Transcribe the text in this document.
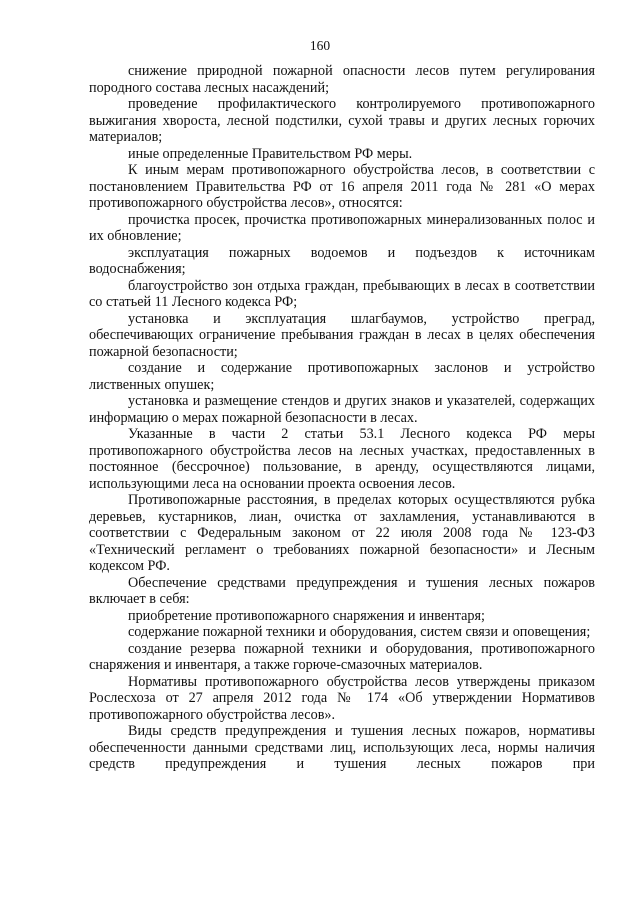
160

снижение природной пожарной опасности лесов путем регулирования породного состава лесных насаждений;

проведение профилактического контролируемого противопожарного выжигания хвороста, лесной подстилки, сухой травы и других лесных горючих материалов;

иные определенные Правительством РФ меры.

К иным мерам противопожарного обустройства лесов, в соответствии с постановлением Правительства РФ от 16 апреля 2011 года № 281 «О мерах противопожарного обустройства лесов», относятся:

прочистка просек, прочистка противопожарных минерализованных полос и их обновление;

эксплуатация пожарных водоемов и подъездов к источникам водоснабжения;

благоустройство зон отдыха граждан, пребывающих в лесах в соответствии со статьей 11 Лесного кодекса РФ;

установка и эксплуатация шлагбаумов, устройство преград, обеспечивающих ограничение пребывания граждан в лесах в целях обеспечения пожарной безопасности;

создание и содержание противопожарных заслонов и устройство лиственных опушек;

установка и размещение стендов и других знаков и указателей, содержащих информацию о мерах пожарной безопасности в лесах.

Указанные в части 2 статьи 53.1 Лесного кодекса РФ меры противопожарного обустройства лесов на лесных участках, предоставленных в постоянное (бессрочное) пользование, в аренду, осуществляются лицами, использующими леса на основании проекта освоения лесов.

Противопожарные расстояния, в пределах которых осуществляются рубка деревьев, кустарников, лиан, очистка от захламления, устанавливаются в соответствии с Федеральным законом от 22 июля 2008 года № 123-ФЗ «Технический регламент о требованиях пожарной безопасности» и Лесным кодексом РФ.

Обеспечение средствами предупреждения и тушения лесных пожаров включает в себя:

приобретение противопожарного снаряжения и инвентаря;

содержание пожарной техники и оборудования, систем связи и оповещения;

создание резерва пожарной техники и оборудования, противопожарного снаряжения и инвентаря, а также горюче-смазочных материалов.

Нормативы противопожарного обустройства лесов утверждены приказом Рослесхоза от 27 апреля 2012 года № 174 «Об утверждении Нормативов противопожарного обустройства лесов».

Виды средств предупреждения и тушения лесных пожаров, нормативы обеспеченности данными средствами лиц, использующих леса, нормы наличия средств предупреждения и тушения лесных пожаров при
